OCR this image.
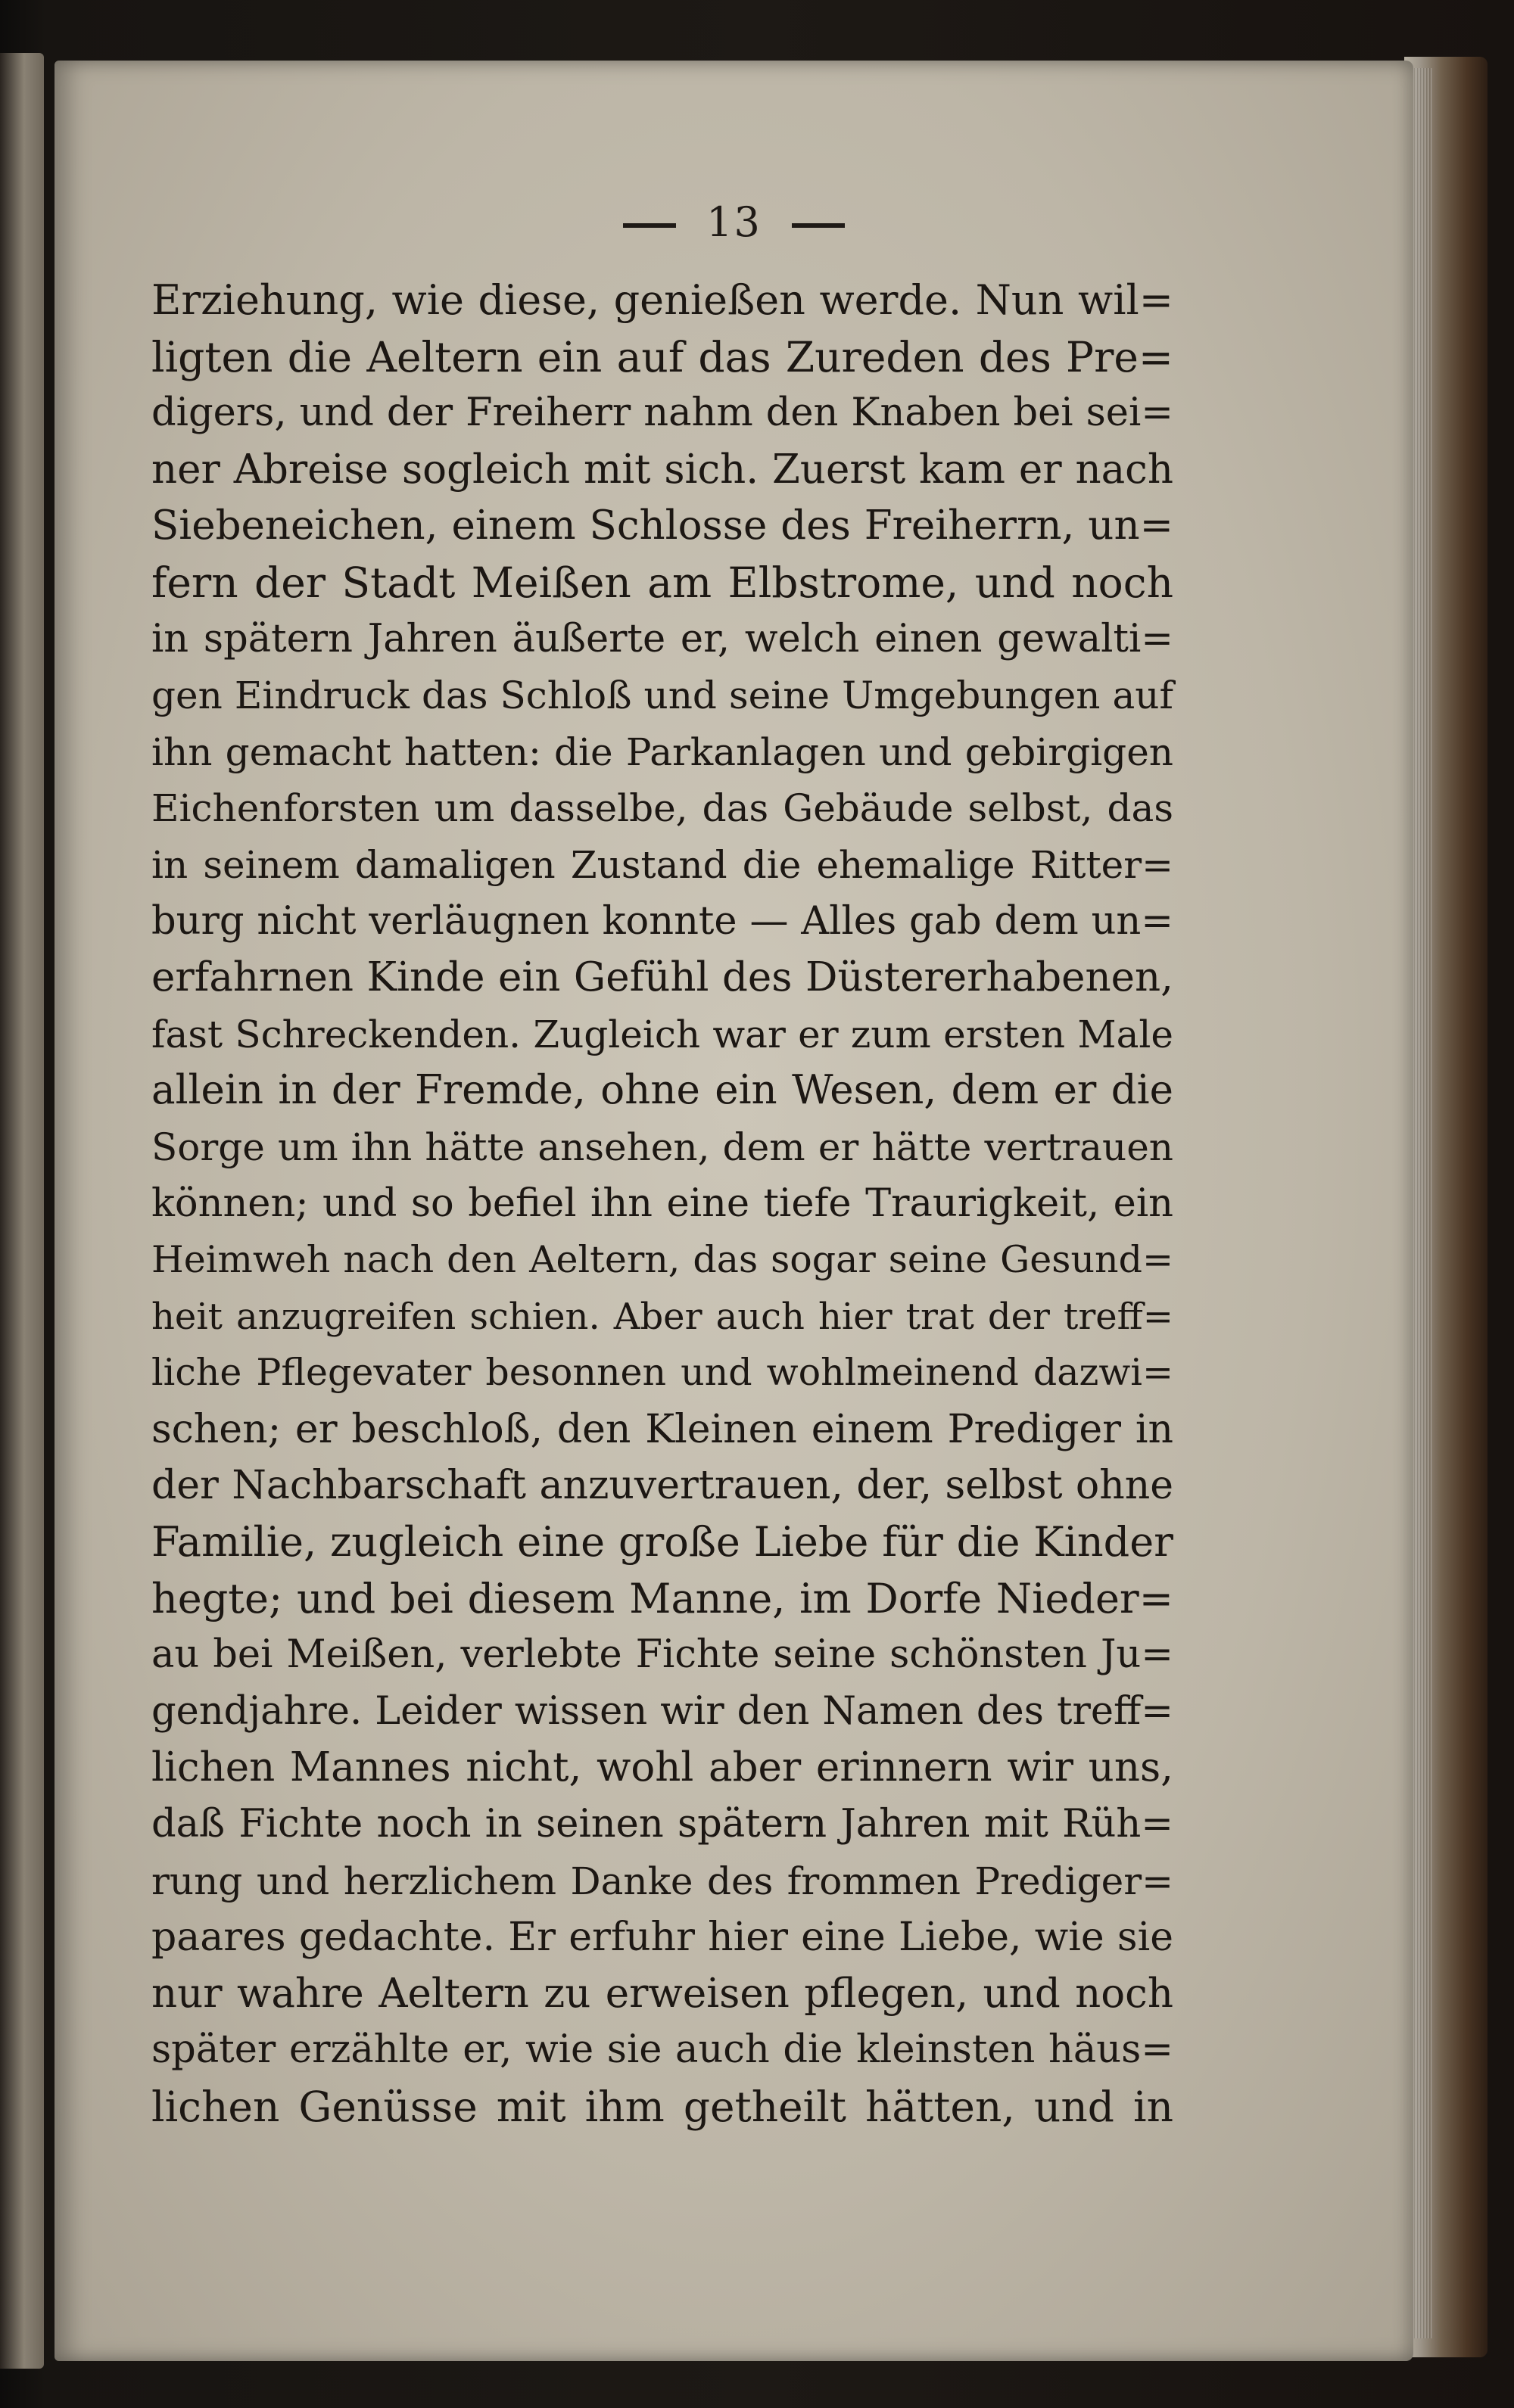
13
Erziehung, wie diese, genießen werde. Nun wil=
ligten die Aeltern ein auf das Zureden des Pre=
digers, und der Freiherr nahm den Knaben bei sei=
ner Abreise sogleich mit sich. Zuerst kam er nach
Siebeneichen, einem Schlosse des Freiherrn, un=
fern der Stadt Meißen am Elbstrome, und noch
in spätern Jahren äußerte er, welch einen gewalti=
gen Eindruck das Schloß und seine Umgebungen auf
ihn gemacht hatten: die Parkanlagen und gebirgigen
Eichenforsten um dasselbe, das Gebäude selbst, das
in seinem damaligen Zustand die ehemalige Ritter=
burg nicht verläugnen konnte — Alles gab dem un=
erfahrnen Kinde ein Gefühl des Düstererhabenen,
fast Schreckenden. Zugleich war er zum ersten Male
allein in der Fremde, ohne ein Wesen, dem er die
Sorge um ihn hätte ansehen, dem er hätte vertrauen
können; und so befiel ihn eine tiefe Traurigkeit, ein
Heimweh nach den Aeltern, das sogar seine Gesund=
heit anzugreifen schien. Aber auch hier trat der treff=
liche Pflegevater besonnen und wohlmeinend dazwi=
schen; er beschloß, den Kleinen einem Prediger in
der Nachbarschaft anzuvertrauen, der, selbst ohne
Familie, zugleich eine große Liebe für die Kinder
hegte; und bei diesem Manne, im Dorfe Nieder=
au bei Meißen, verlebte Fichte seine schönsten Ju=
gendjahre. Leider wissen wir den Namen des treff=
lichen Mannes nicht, wohl aber erinnern wir uns,
daß Fichte noch in seinen spätern Jahren mit Rüh=
rung und herzlichem Danke des frommen Prediger=
paares gedachte. Er erfuhr hier eine Liebe, wie sie
nur wahre Aeltern zu erweisen pflegen, und noch
später erzählte er, wie sie auch die kleinsten häus=
lichen Genüsse mit ihm getheilt hätten, und in
